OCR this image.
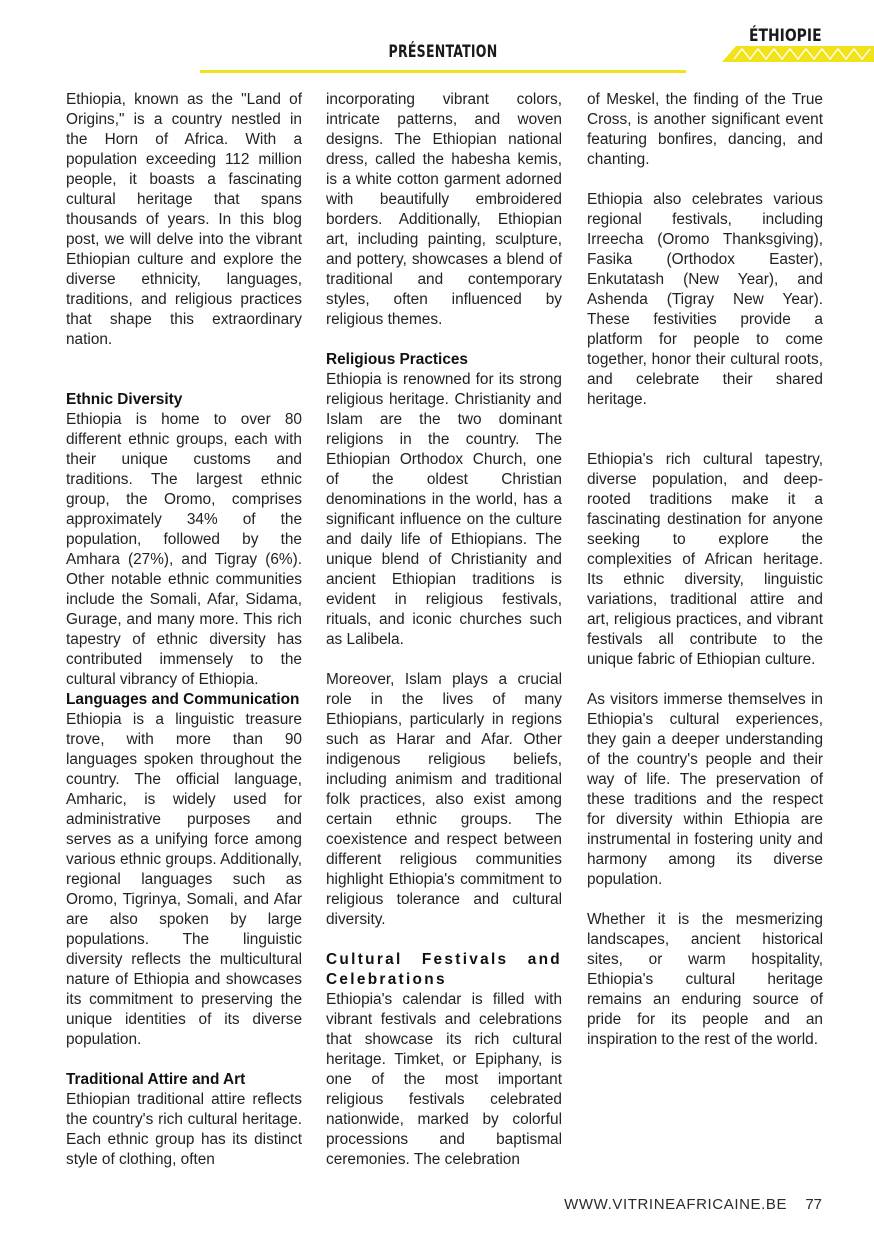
PRÉSENTATION
ÉTHIOPIE

Ethiopia, known as the "Land of Origins," is a country nestled in the Horn of Africa. With a population exceeding 112 million people, it boasts a fascinating cultural heritage that spans thousands of years. In this blog post, we will delve into the vibrant Ethiopian culture and explore the diverse ethnicity, languages, traditions, and religious practices that shape this extraordinary nation.

Ethnic Diversity

Ethiopia is home to over 80 different ethnic groups, each with their unique customs and traditions. The largest ethnic group, the Oromo, comprises approximately 34% of the population, followed by the Amhara (27%), and Tigray (6%). Other notable ethnic communities include the Somali, Afar, Sidama, Gurage, and many more. This rich tapestry of ethnic diversity has contributed immensely to the cultural vibrancy of Ethiopia.

Languages and Communication

Ethiopia is a linguistic treasure trove, with more than 90 languages spoken throughout the country. The official language, Amharic, is widely used for administrative purposes and serves as a unifying force among various ethnic groups. Additionally, regional languages such as Oromo, Tigrinya, Somali, and Afar are also spoken by large populations. The linguistic diversity reflects the multicultural nature of Ethiopia and showcases its commitment to preserving the unique identities of its diverse population.

Traditional Attire and Art

Ethiopian traditional attire reflects the country's rich cultural heritage. Each ethnic group has its distinct style of clothing, often

incorporating vibrant colors, intricate patterns, and woven designs. The Ethiopian national dress, called the habesha kemis, is a white cotton garment adorned with beautifully embroidered borders. Additionally, Ethiopian art, including painting, sculpture, and pottery, showcases a blend of traditional and contemporary styles, often influenced by religious themes.

Religious Practices

Ethiopia is renowned for its strong religious heritage. Christianity and Islam are the two dominant religions in the country. The Ethiopian Orthodox Church, one of the oldest Christian denominations in the world, has a significant influence on the culture and daily life of Ethiopians. The unique blend of Christianity and ancient Ethiopian traditions is evident in religious festivals, rituals, and iconic churches such as Lalibela.

Moreover, Islam plays a crucial role in the lives of many Ethiopians, particularly in regions such as Harar and Afar. Other indigenous religious beliefs, including animism and traditional folk practices, also exist among certain ethnic groups. The coexistence and respect between different religious communities highlight Ethiopia's commitment to religious tolerance and cultural diversity.

Cultural Festivals and Celebrations

Ethiopia's calendar is filled with vibrant festivals and celebrations that showcase its rich cultural heritage. Timket, or Epiphany, is one of the most important religious festivals celebrated nationwide, marked by colorful processions and baptismal ceremonies. The celebration

of Meskel, the finding of the True Cross, is another significant event featuring bonfires, dancing, and chanting.

Ethiopia also celebrates various regional festivals, including Irreecha (Oromo Thanksgiving), Fasika (Orthodox Easter), Enkutatash (New Year), and Ashenda (Tigray New Year). These festivities provide a platform for people to come together, honor their cultural roots, and celebrate their shared heritage.

Ethiopia's rich cultural tapestry, diverse population, and deep-rooted traditions make it a fascinating destination for anyone seeking to explore the complexities of African heritage. Its ethnic diversity, linguistic variations, traditional attire and art, religious practices, and vibrant festivals all contribute to the unique fabric of Ethiopian culture.

As visitors immerse themselves in Ethiopia's cultural experiences, they gain a deeper understanding of the country's people and their way of life. The preservation of these traditions and the respect for diversity within Ethiopia are instrumental in fostering unity and harmony among its diverse population.

Whether it is the mesmerizing landscapes, ancient historical sites, or warm hospitality, Ethiopia's cultural heritage remains an enduring source of pride for its people and an inspiration to the rest of the world.

WWW.VITRINEAFRICAINE.BE 77
